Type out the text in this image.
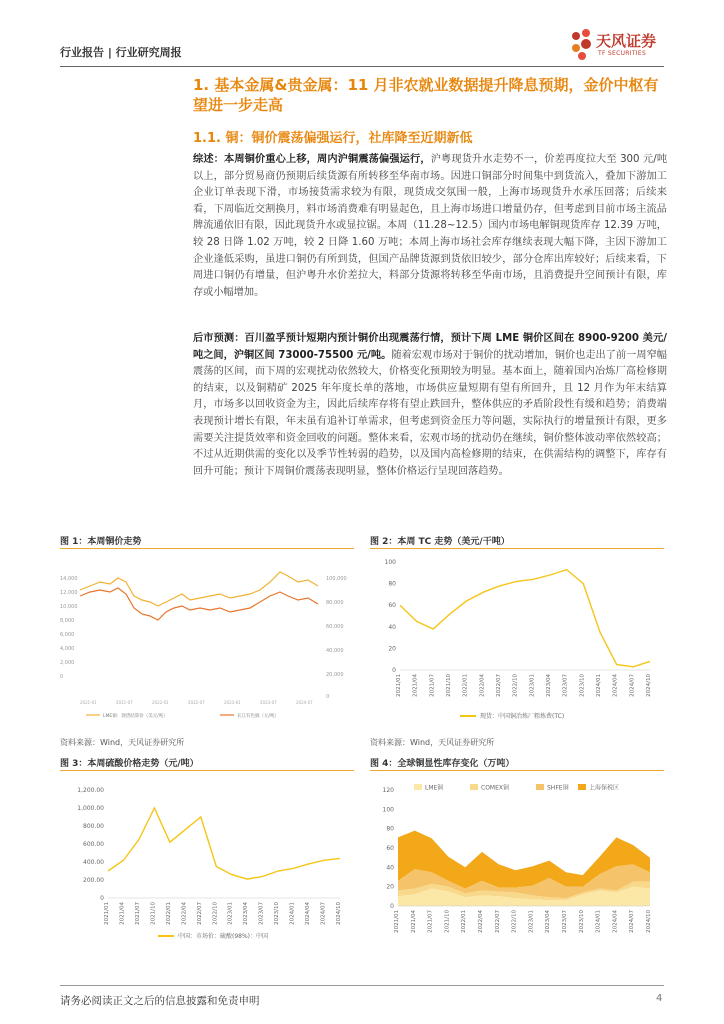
行业报告 | 行业研究周报
天风证券
TF SECURITIES
1. 基本金属&贵金属：11 月非农就业数据提升降息预期，金价中枢有望进一步走高
1.1. 铜：铜价震荡偏强运行，社库降至近期新低
综述：本周铜价重心上移，周内沪铜震荡偏强运行，沪粤现货升水走势不一，价差再度拉大至 300 元/吨以上，部分贸易商仍预期后续货源有所转移至华南市场。因进口铜部分时间集中到货流入，叠加下游加工企业订单表现下滑，市场接货需求较为有限，现货成交氛围一般，上海市场现货升水承压回落；后续来看，下周临近交割换月，料市场消费难有明显起色，且上海市场进口增量仍存，但考虑到目前市场主流品牌流通依旧有限，因此现货升水或显拉锯。本周（11.28~12.5）国内市场电解铜现货库存 12.39 万吨，较 28 日降 1.02 万吨，较 2 日降 1.60 万吨；本周上海市场社会库存继续表现大幅下降，主因下游加工企业逢低采购，虽进口铜仍有所到货，但国产品牌货源到货依旧较少，部分仓库出库较好；后续来看，下周进口铜仍有增量，但沪粤升水价差拉大，料部分货源将转移至华南市场，且消费提升空间预计有限，库存或小幅增加。
后市预测：百川盈孚预计短期内预计铜价出现震荡行情，预计下周 LME 铜价区间在 8900-9200 美元/吨之间，沪铜区间 73000-75500 元/吨。随着宏观市场对于铜价的扰动增加，铜价也走出了前一周窄幅震荡的区间，而下周的宏观扰动依然较大，价格变化预期较为明显。基本面上，随着国内冶炼厂高检修期的结束，以及铜精矿 2025 年年度长单的落地，市场供应量短期有望有所回升，且 12 月作为年末结算月，市场多以回收资金为主，因此后续库存将有望止跌回升，整体供应的矛盾阶段性有缓和趋势；消费端表现预计增长有限，年末虽有追补订单需求，但考虑到资金压力等问题，实际执行的增量预计有限，更多需要关注提货效率和资金回收的问题。整体来看，宏观市场的扰动仍在继续，铜价整体波动率依然较高；不过从近期供需的变化以及季节性转弱的趋势，以及国内高检修期的结束，在供需结构的调整下，库存有回升可能；预计下周铜价震荡表现明显，整体价格运行呈现回落趋势。
图 1：本周铜价走势
14,000
12,000
10,000
8,000
6,000
4,000
2,000
0
100,000
80,000
60,000
40,000
20,000
0
2021-01	2021-07	2022-01	2022-07	2023-01	2023-07	2024-07
LME铜：现货结算价（美元/吨）	长江有色铜（元/吨）
资料来源：Wind，天风证券研究所
图 2：本周 TC 走势（美元/干吨）
0
20
40
60
80
100
2021/01 2021/04 2021/07 2021/10 2022/01 2022/04 2022/07 2022/10 2023/01 2023/04 2023/07 2023/10 2024/01 2024/04 2024/07 2024/10
现货：中国铜冶炼厂粗炼费(TC)
资料来源：Wind，天风证券研究所
图 3：本周硫酸价格走势（元/吨）
0
200.00
400.00
600.00
800.00
1,000.00
1,200.00
2021/01 2021/04 2021/07 2021/10 2022/01 2022/04 2022/07 2022/10 2023/01 2023/04 2023/07 2023/10 2024/01 2024/04 2024/07 2024/10
中国：市场价：硫酸(98%)：中国
图 4：全球铜显性库存变化（万吨）
0
20
40
60
80
100
120
2021/01 2021/04 2021/07 2021/10 2022/01 2022/04 2022/07 2022/10 2023/01 2023/04 2023/07 2023/10 2024/01 2024/04 2024/07 2024/10
LME铜	COMEX铜	SHFE铜	上海保税区
请务必阅读正文之后的信息披露和免责申明	4
